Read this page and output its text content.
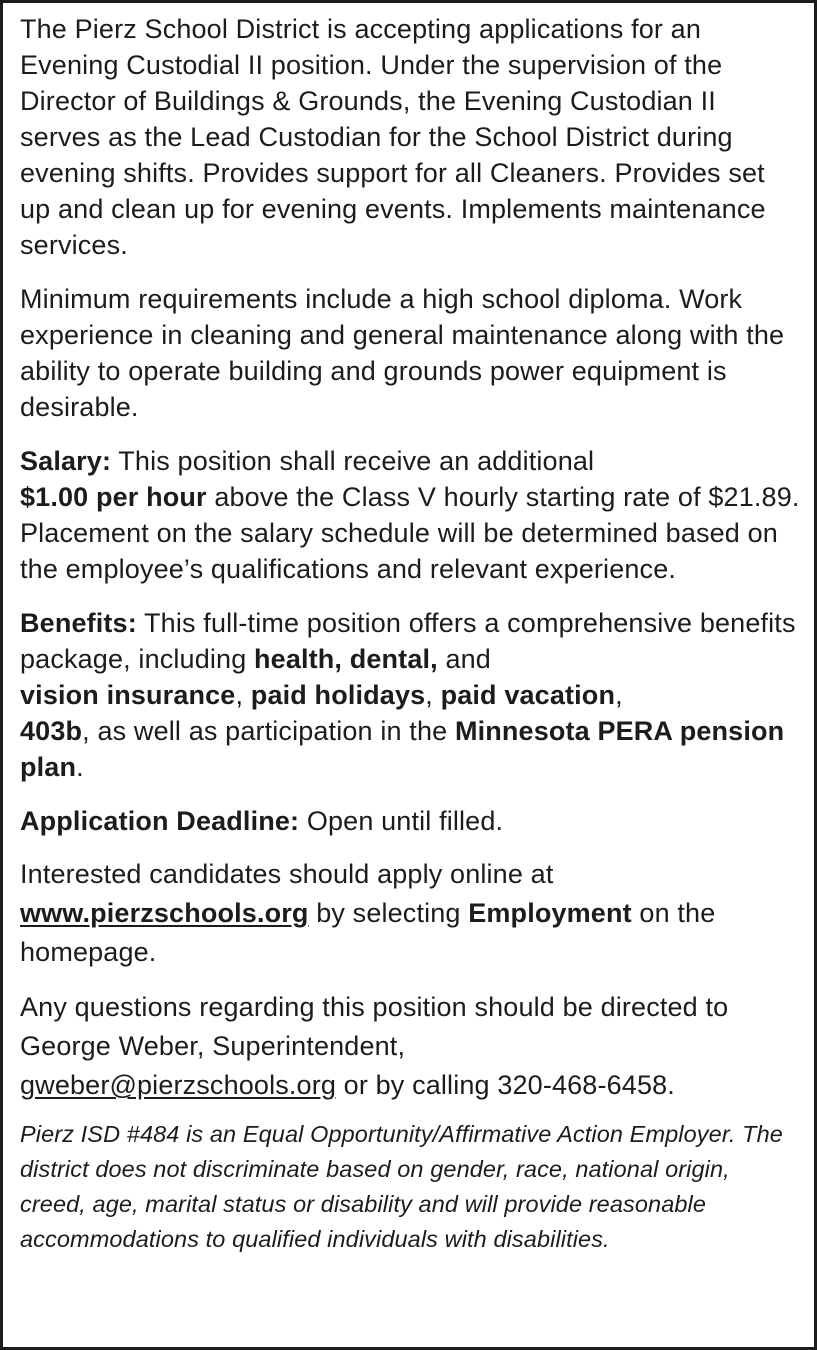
The Pierz School District is accepting applications for an Evening Custodial II position. Under the supervision of the Director of Buildings & Grounds, the Evening Custodian II serves as the Lead Custodian for the School District during evening shifts. Provides support for all Cleaners. Provides set up and clean up for evening events. Implements maintenance services.

Minimum requirements include a high school diploma. Work experience in cleaning and general maintenance along with the ability to operate building and grounds power equipment is desirable.

Salary: This position shall receive an additional
$1.00 per hour above the Class V hourly starting rate of $21.89. Placement on the salary schedule will be determined based on the employee’s qualifications and relevant experience.

Benefits: This full-time position offers a comprehensive benefits package, including health, dental, and
vision insurance, paid holidays, paid vacation,
403b, as well as participation in the Minnesota PERA pension plan.

Application Deadline: Open until filled.

Interested candidates should apply online at
www.pierzschools.org by selecting Employment on the homepage.

Any questions regarding this position should be directed to George Weber, Superintendent,
gweber@pierzschools.org or by calling 320-468-6458.

Pierz ISD #484 is an Equal Opportunity/Affirmative Action Employer. The district does not discriminate based on gender, race, national origin, creed, age, marital status or disability and will provide reasonable accommodations to qualified individuals with disabilities.
